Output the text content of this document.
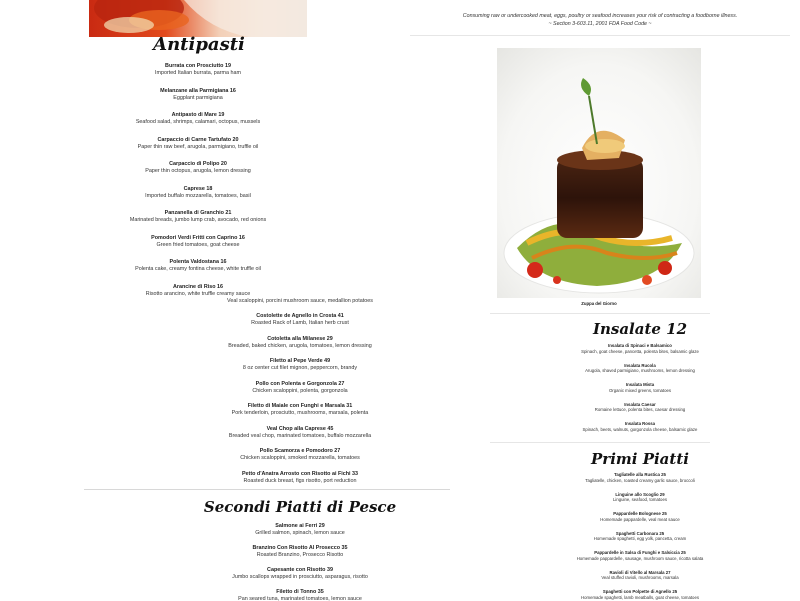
Antipasti
Burrata con Prosciutto 19
Imported Italian burrata, parma ham
Melanzane alla Parmigiana 16
Eggplant parmigiana
Antipasto di Mare 19
Seafood salad, shrimps, calamari, octopus, mussels
Carpaccio di Carne Tartufato 20
Paper thin raw beef, arugola, parmigiano, truffle oil
Carpaccio di Polipo 20
Paper thin octopus, arugola, lemon dressing
Caprese 18
Imported buffalo mozzarella, tomatoes, basil
Panzanella di Granchio 21
Marinated breads, jumbo lump crab, avocado, red onions
Pomodori Verdi Fritti con Caprino 16
Green fried tomatoes, goat cheese
Polenta Valdostana 16
Polenta cake, creamy fontina cheese, white truffle oil
Arancine di Riso 16
Risotto arancino, white truffle creamy sauce
Veal scaloppini, porcini mushroom sauce, medallion potatoes
Costolette de Agnello in Crosta 41
Roasted Rack of Lamb, Italian herb crust
Cotoletta alla Milanese 29
Breaded, baked chicken, arugola, tomatoes, lemon dressing
Filetto al Pepe Verde 49
8 oz center cut filet mignon, peppercorn, brandy
Pollo con Polenta e Gorgonzola 27
Chicken scaloppini, polenta, gorgonzola
Filetto di Maiale con Funghi e Marsala 31
Pork tenderloin, prosciutto, mushrooms, marsala, polenta
Veal Chop alla Caprese 45
Breaded veal chop, marinated tomatoes, buffalo mozzarella
Pollo Scamorza e Pomodoro 27
Chicken scaloppini, smoked mozzarella, tomatoes
Petto d'Anatra Arrosto con Risotto ai Fichi 33
Roasted duck breast, figs risotto, port reduction
Secondi Piatti di Pesce
Salmone ai Ferri 29
Grilled salmon, spinach, lemon sauce
Branzino Con Risotto Al Prosecco 35
Roasted Branzino, Prosecco Risotto
Capesante con Risotto 39
Jumbo scallops wrapped in prosciutto, asparagus, risotto
Filetto di Tonno 35
Pan seared tuna, marinated tomatoes, lemon sauce
Consuming raw or undercooked meat, eggs, poultry or seafood increases your risk of contracting a foodborne illness.
~ Section 3-603.11, 2001 FDA Food Code ~
Zuppa del Giorno
Insalate 12
Insalata di Spinaci e Balsamico
Spinach, goat cheese, pancetta, polenta bites, balsamic glaze
Insalata Rucola
Arugola, shaved parmigiano, mushrooms, lemon dressing
Insalata Mista
Organic mixed greens, tomatoes
Insalata Caesar
Romaine lettuce, polenta bites, caesar dressing
Insalata Rossa
Spinach, beets, walnuts, gorgonzola cheese, balsamic glaze
Primi Piatti
Tagliatelle alla Rustica 25
Tagliatelle, chicken, roasted creamy garlic sauce, broccoli
Linguine allo Scoglio 29
Linguine, seafood, tomatoes
Pappardelle Bolognese 25
Homemade pappardelle, veal meat sauce
Spaghetti Carbonara 25
Homemade spaghetti, egg yolk, pancetta, cream
Pappardelle in Salsa di Funghi e Salsiccia 25
Homemade pappardelle, sausage, mushroom sauce, ricotta salata
Ravioli di Vitello al Marsala 27
Veal stuffed ravioli, mushrooms, marsala
Spaghetti con Polpette di Agnello 25
Homemade spaghetti, lamb meatballs, goat cheese, tomatoes
